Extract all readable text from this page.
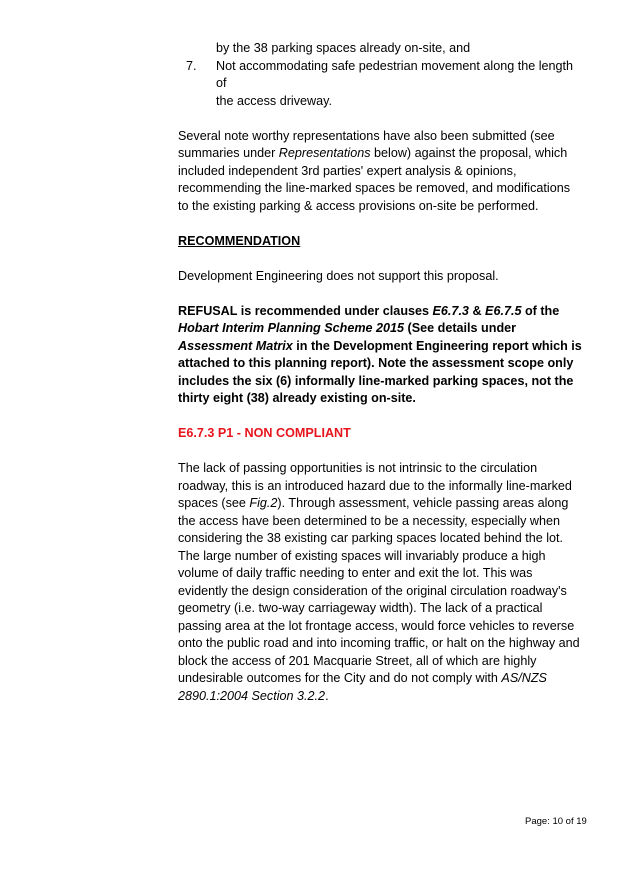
by the 38 parking spaces already on-site, and
7. Not accommodating safe pedestrian movement along the length of
the access driveway.

Several note worthy representations have also been submitted (see summaries under Representations below) against the proposal, which included independent 3rd parties' expert analysis & opinions, recommending the line-marked spaces be removed, and modifications to the existing parking & access provisions on-site be performed.

RECOMMENDATION

Development Engineering does not support this proposal.

REFUSAL is recommended under clauses E6.7.3 & E6.7.5 of the Hobart Interim Planning Scheme 2015 (See details under Assessment Matrix in the Development Engineering report which is attached to this planning report). Note the assessment scope only includes the six (6) informally line-marked parking spaces, not the thirty eight (38) already existing on-site.

E6.7.3 P1 - NON COMPLIANT

The lack of passing opportunities is not intrinsic to the circulation roadway, this is an introduced hazard due to the informally line-marked spaces (see Fig.2). Through assessment, vehicle passing areas along the access have been determined to be a necessity, especially when considering the 38 existing car parking spaces located behind the lot. The large number of existing spaces will invariably produce a high volume of daily traffic needing to enter and exit the lot. This was evidently the design consideration of the original circulation roadway's geometry (i.e. two-way carriageway width). The lack of a practical passing area at the lot frontage access, would force vehicles to reverse onto the public road and into incoming traffic, or halt on the highway and block the access of 201 Macquarie Street, all of which are highly undesirable outcomes for the City and do not comply with AS/NZS 2890.1:2004 Section 3.2.2.

Page: 10 of 19
